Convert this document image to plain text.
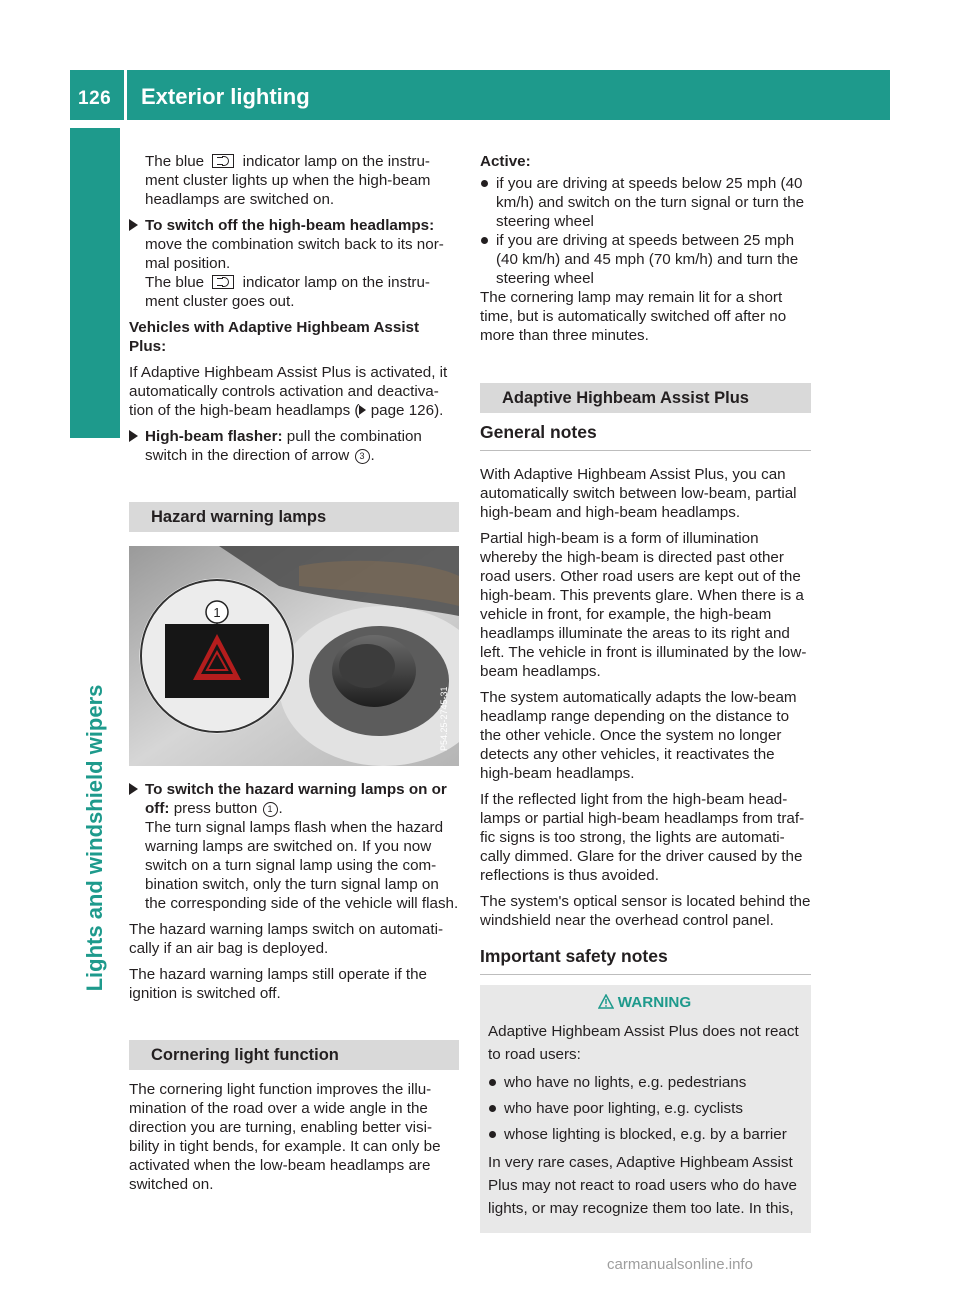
126 Exterior lighting
Lights and windshield wipers

The blue	indicator lamp on the instru-ment cluster lights up when the high-beam headlamps are switched on.

To switch off the high-beam headlamps: move the combination switch back to its nor-mal position.
The blue	indicator lamp on the instru-ment cluster goes out.

Vehicles with Adaptive Highbeam Assist Plus:

If Adaptive Highbeam Assist Plus is activated, it automatically controls activation and deactiva-tion of the high-beam headlamps ( page 126).

High-beam flasher: pull the combination switch in the direction of arrow 3 .
Hazard warning lamps
1
P54.25-2745-31
To switch the hazard warning lamps on or off: press button 1 .
The turn signal lamps flash when the hazard warning lamps are switched on. If you now switch on a turn signal lamp using the com-bination switch, only the turn signal lamp on the corresponding side of the vehicle will flash.

The hazard warning lamps switch on automati-cally if an air bag is deployed.

The hazard warning lamps still operate if the ignition is switched off.

Cornering light function

The cornering light function improves the illu-mination of the road over a wide angle in the direction you are turning, enabling better visi-bility in tight bends, for example. It can only be activated when the low-beam headlamps are switched on.

Active:

if you are driving at speeds below 25 mph (40 km/h) and switch on the turn signal or turn the steering wheel
if you are driving at speeds between 25 mph (40 km/h) and 45 mph (70 km/h) and turn the steering wheel

The cornering lamp may remain lit for a short time, but is automatically switched off after no more than three minutes.

Adaptive Highbeam Assist Plus
General notes

With Adaptive Highbeam Assist Plus, you can automatically switch between low-beam, partial high-beam and high-beam headlamps.

Partial high-beam is a form of illumination whereby the high-beam is directed past other road users. Other road users are kept out of the high-beam. This prevents glare. When there is a vehicle in front, for example, the high-beam headlamps illuminate the areas to its right and left. The vehicle in front is illuminated by the low-beam headlamps.

The system automatically adapts the low-beam headlamp range depending on the distance to the other vehicle. Once the system no longer detects any other vehicles, it reactivates the high-beam headlamps.

If the reflected light from the high-beam head-lamps or partial high-beam headlamps from traf-fic signs is too strong, the lights are automati-cally dimmed. Glare for the driver caused by the reflections is thus avoided.

The system's optical sensor is located behind the windshield near the overhead control panel.

Important safety notes
WARNING

Adaptive Highbeam Assist Plus does not react to road users:

who have no lights, e.g. pedestrians
who have poor lighting, e.g. cyclists
whose lighting is blocked, e.g. by a barrier

In very rare cases, Adaptive Highbeam Assist Plus may not react to road users who do have lights, or may recognize them too late. In this,

carmanualsonline.info
